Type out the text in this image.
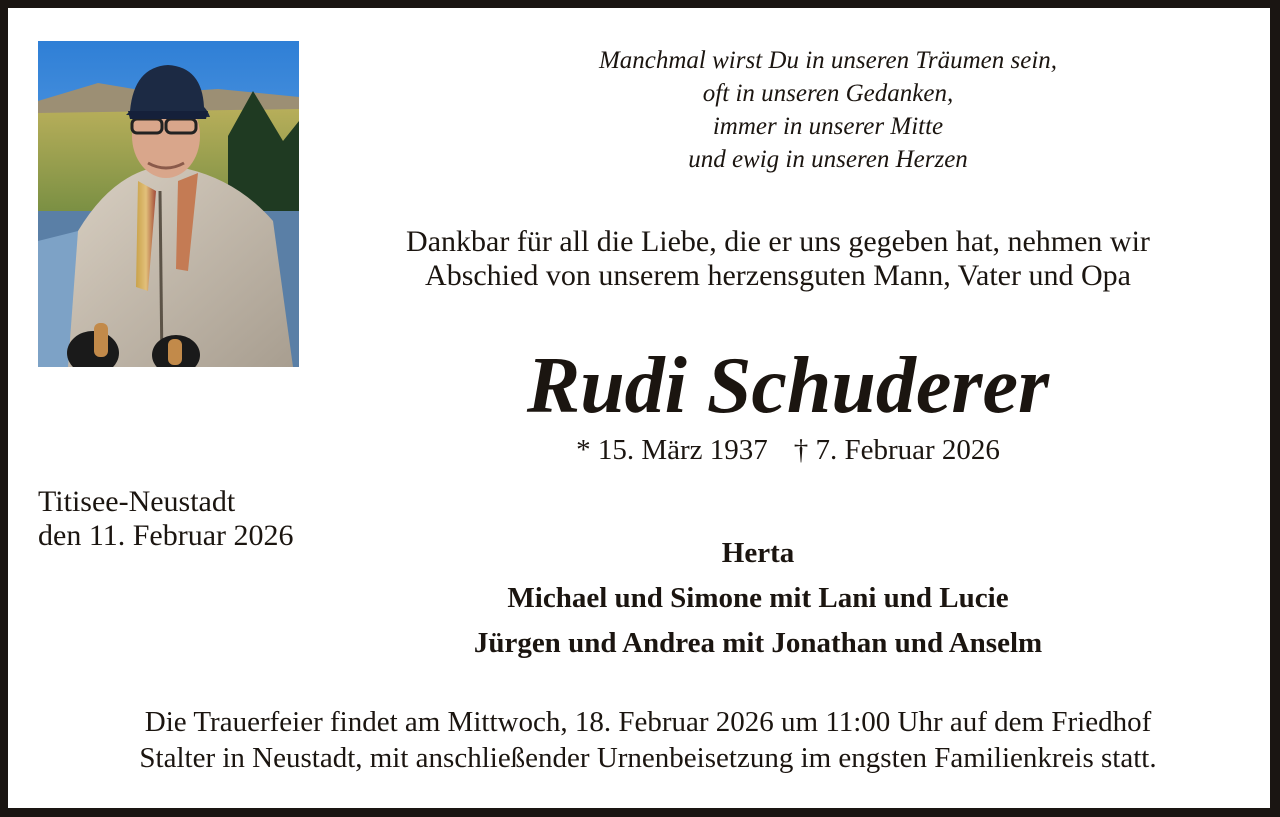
Manchmal wirst Du in unseren Träumen sein,
oft in unseren Gedanken,
immer in unserer Mitte
und ewig in unseren Herzen
Dankbar für all die Liebe, die er uns gegeben hat, nehmen wir
Abschied von unserem herzensguten Mann, Vater und Opa
Rudi Schuderer
* 15. März 1937 † 7. Februar 2026
Titisee-Neustadt
den 11. Februar 2026
Herta
Michael und Simone mit Lani und Lucie
Jürgen und Andrea mit Jonathan und Anselm
Die Trauerfeier findet am Mittwoch, 18. Februar 2026 um 11:00 Uhr auf dem Friedhof
Stalter in Neustadt, mit anschließender Urnenbeisetzung im engsten Familienkreis statt.
